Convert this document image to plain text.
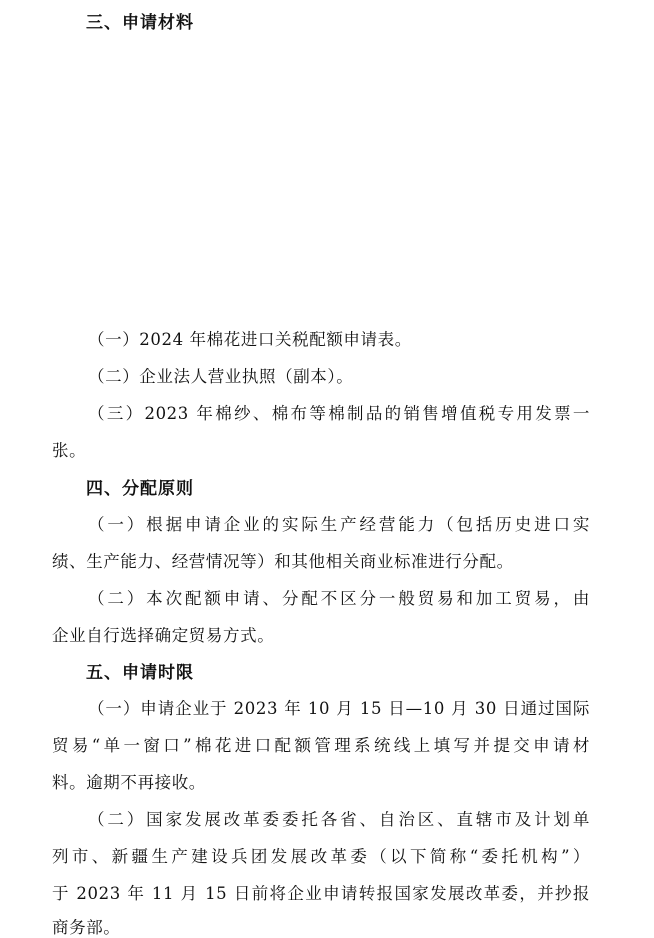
三、申请材料
（一）2024 年棉花进口关税配额申请表。
（二）企业法人营业执照（副本）。
（三）2023 年棉纱、棉布等棉制品的销售增值税专用发票一
张。
四、分配原则
（一）根据申请企业的实际生产经营能力（包括历史进口实
绩、生产能力、经营情况等）和其他相关商业标准进行分配。
（二）本次配额申请、分配不区分一般贸易和加工贸易，由
企业自行选择确定贸易方式。
五、申请时限
（一）申请企业于 2023 年 10 月 15 日—10 月 30 日通过国际
贸易“单一窗口”棉花进口配额管理系统线上填写并提交申请材
料。逾期不再接收。
（二）国家发展改革委委托各省、自治区、直辖市及计划单
列市、新疆生产建设兵团发展改革委（以下简称“委托机构”）
于 2023 年 11 月 15 日前将企业申请转报国家发展改革委，并抄报
商务部。
